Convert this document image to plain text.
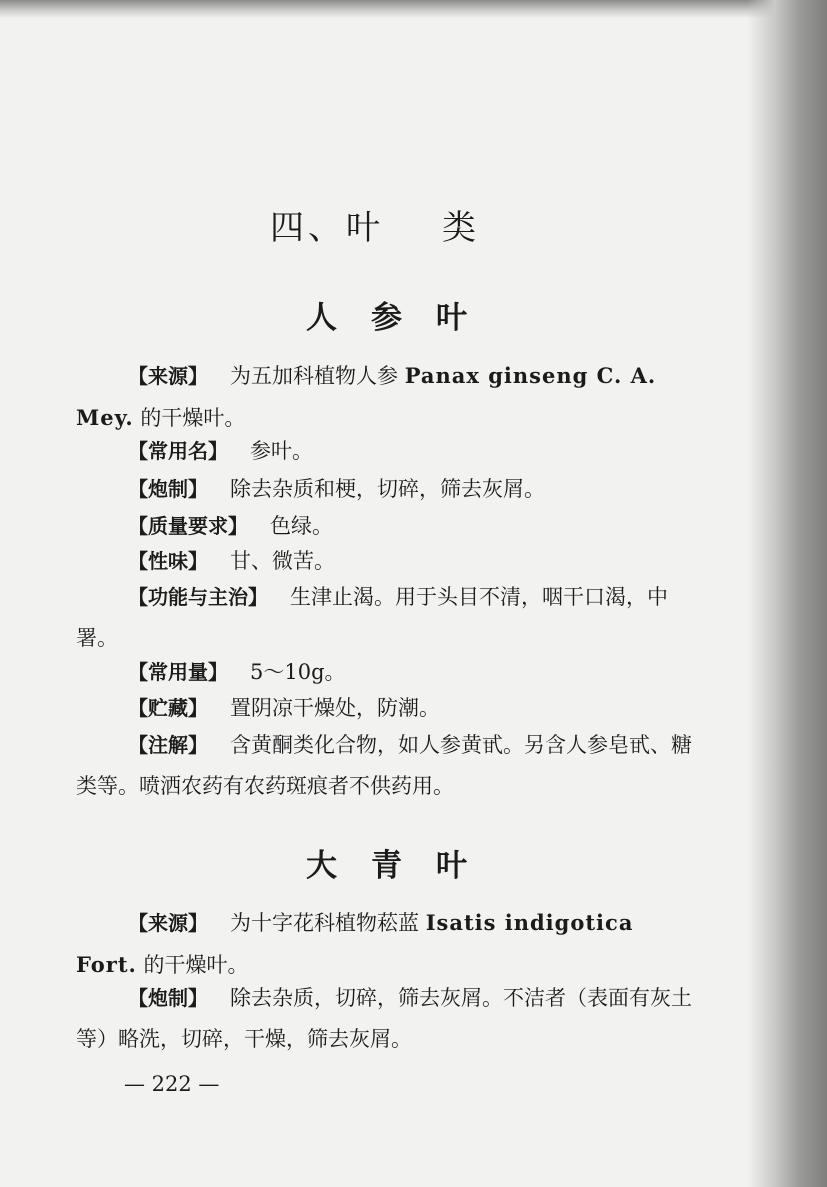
四、叶 类
人参叶
【来源】 为五加科植物人参 Panax ginseng C. A. Mey. 的干燥叶。
【常用名】 参叶。
【炮制】 除去杂质和梗，切碎，筛去灰屑。
【质量要求】 色绿。
【性味】 甘、微苦。
【功能与主治】 生津止渴。用于头目不清，咽干口渴，中署。
【常用量】 5～10g。
【贮藏】 置阴凉干燥处，防潮。
【注解】 含黄酮类化合物，如人参黄甙。另含人参皂甙、糖类等。喷洒农药有农药斑痕者不供药用。
大青叶
【来源】 为十字花科植物菘蓝 Isatis indigotica Fort. 的干燥叶。
【炮制】 除去杂质，切碎，筛去灰屑。不洁者（表面有灰土等）略洗，切碎，干燥，筛去灰屑。
— 222 —
